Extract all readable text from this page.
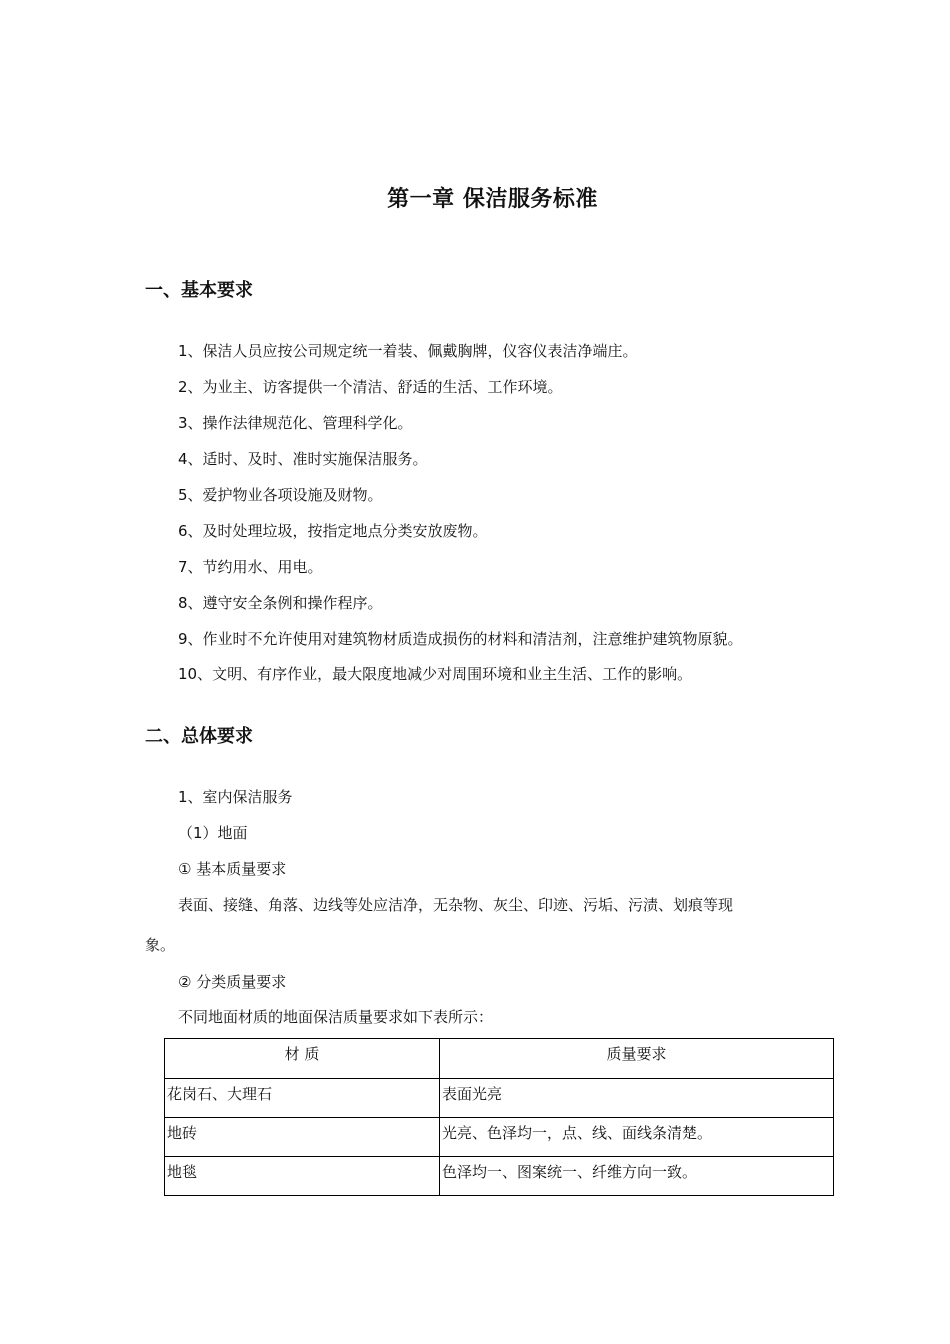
第一章 保洁服务标准
一、基本要求
1、保洁人员应按公司规定统一着装、佩戴胸牌，仪容仪表洁净端庄。
2、为业主、访客提供一个清洁、舒适的生活、工作环境。
3、操作法律规范化、管理科学化。
4、适时、及时、准时实施保洁服务。
5、爱护物业各项设施及财物。
6、及时处理垃圾，按指定地点分类安放废物。
7、节约用水、用电。
8、遵守安全条例和操作程序。
9、作业时不允许使用对建筑物材质造成损伤的材料和清洁剂，注意维护建筑物原貌。
10、文明、有序作业，最大限度地减少对周围环境和业主生活、工作的影响。
二、总体要求
1、室内保洁服务
（1）地面
① 基本质量要求
表面、接缝、角落、边线等处应洁净，无杂物、灰尘、印迹、污垢、污渍、划痕等现
象。
② 分类质量要求
不同地面材质的地面保洁质量要求如下表所示：
材 质	质量要求
花岗石、大理石	表面光亮
地砖	光亮、色泽均一，点、线、面线条清楚。
地毯	色泽均一、图案统一、纤维方向一致。
